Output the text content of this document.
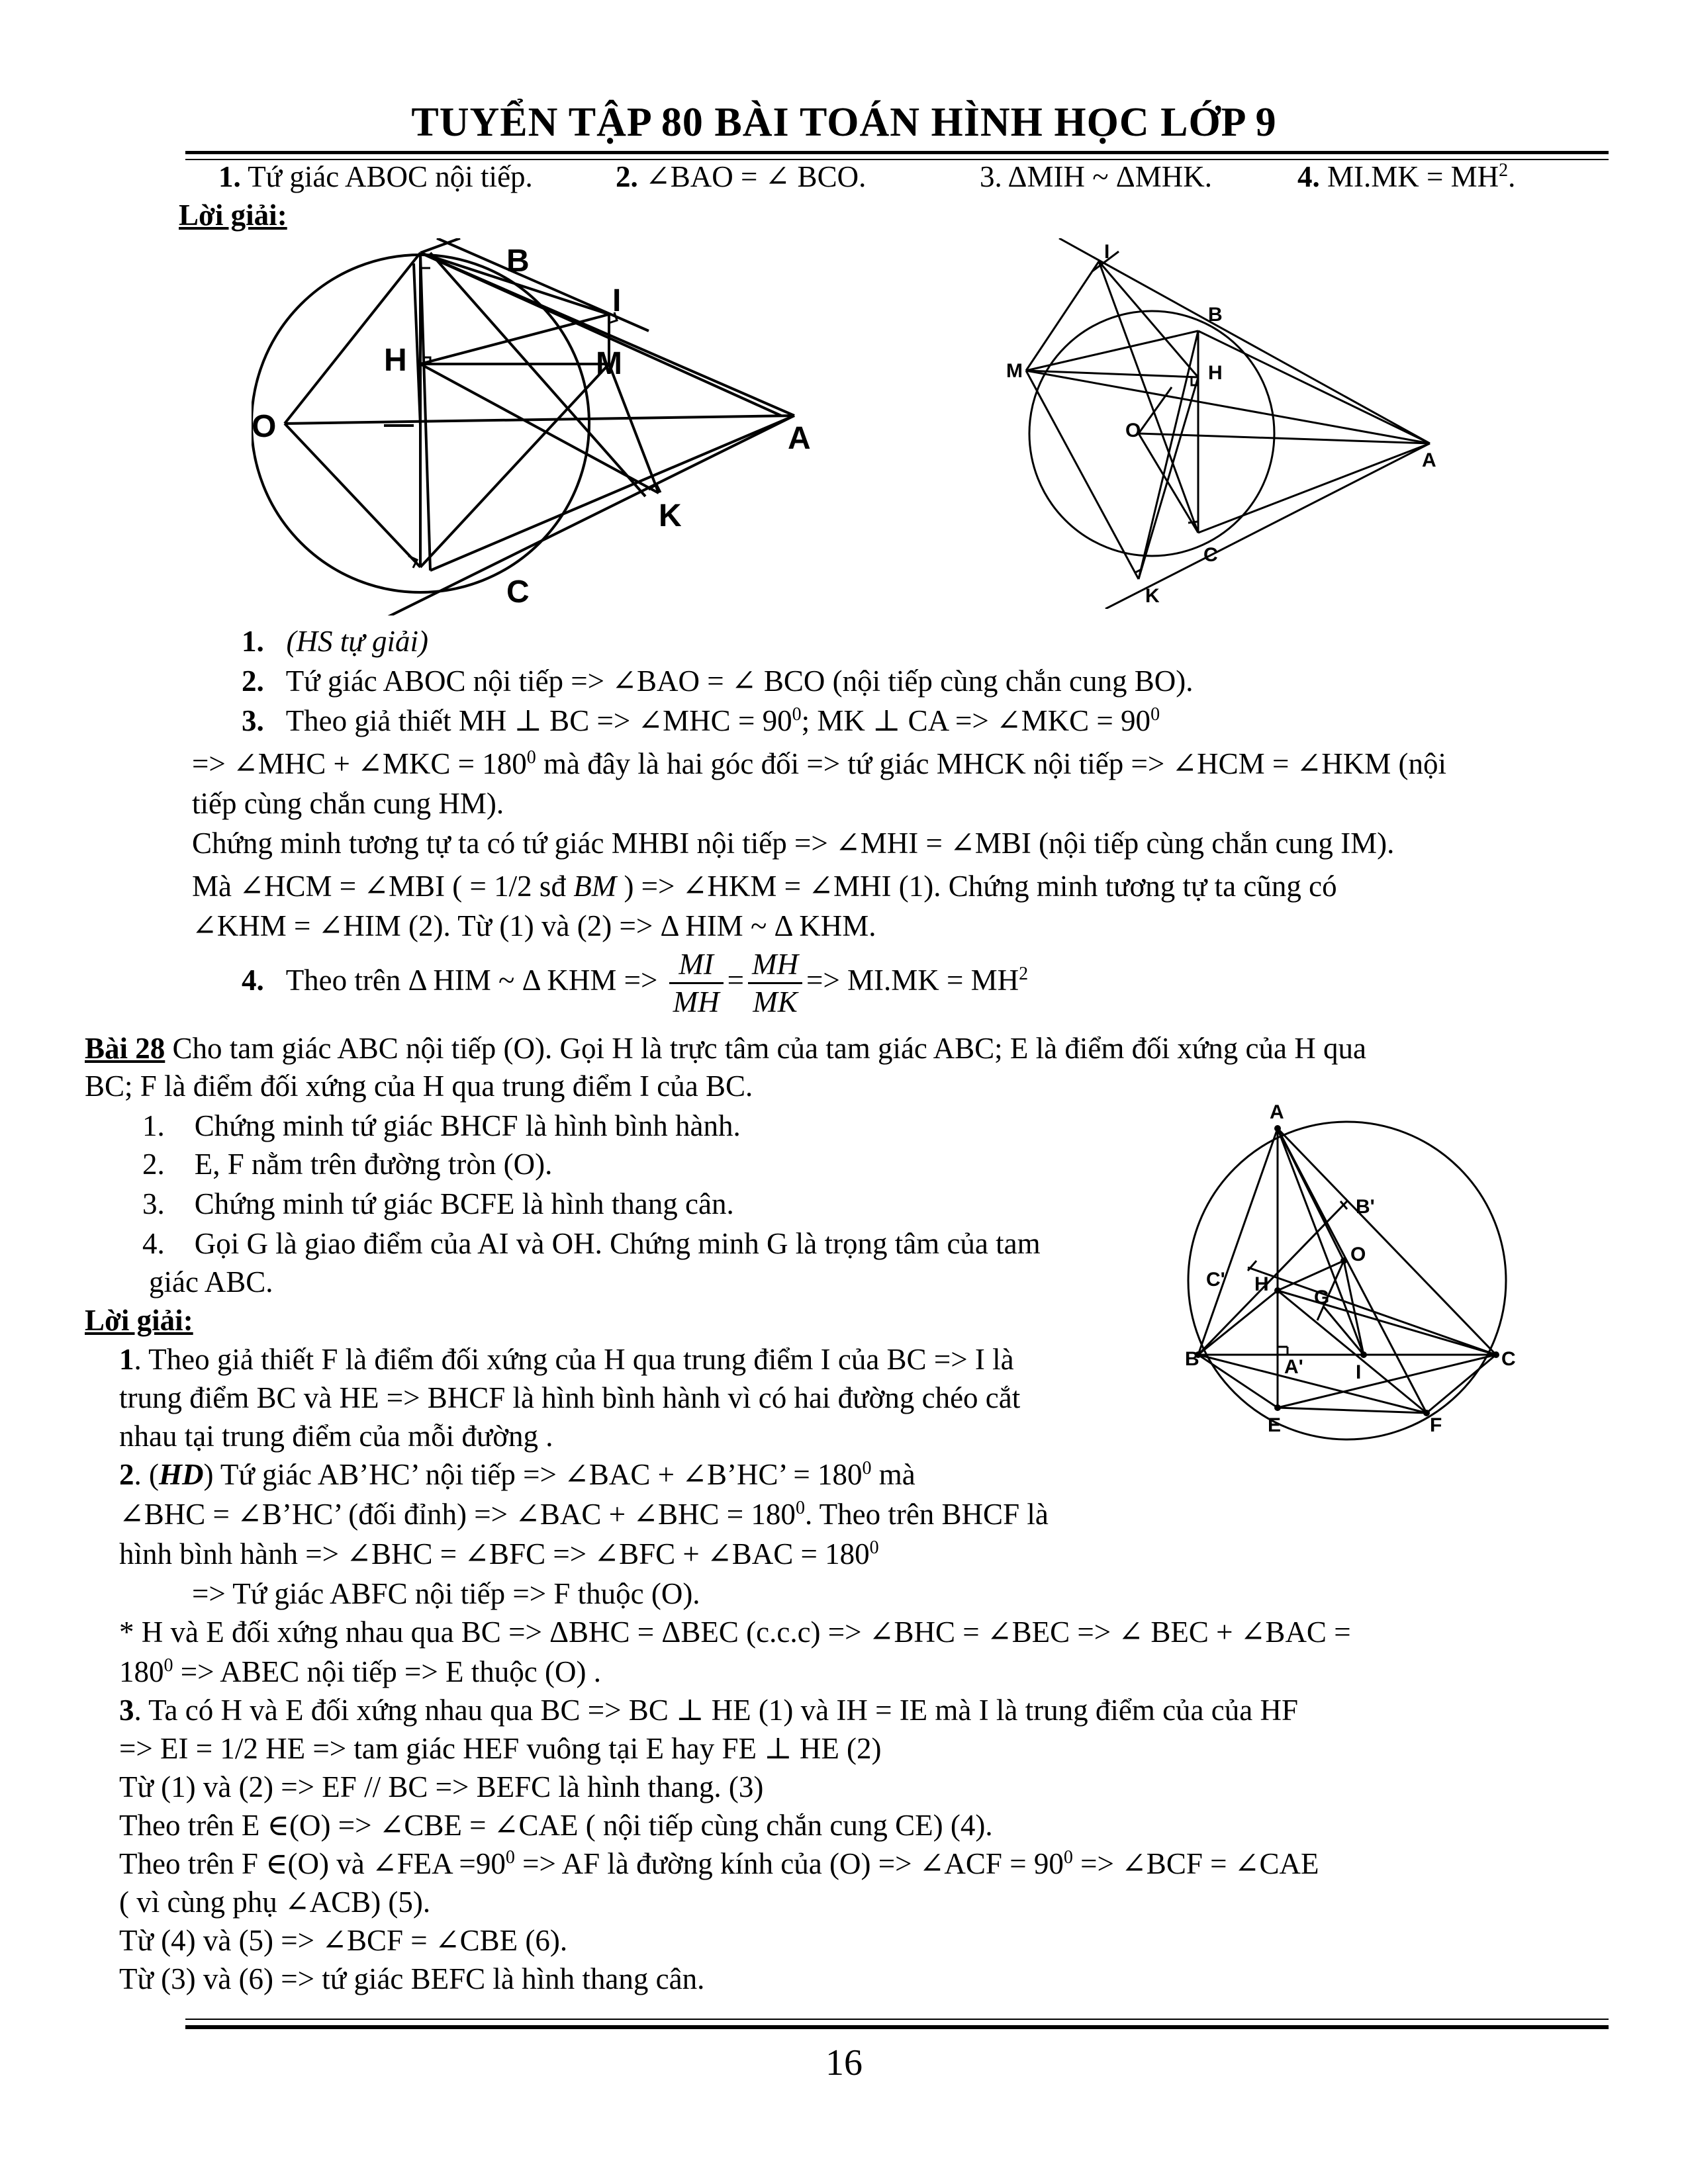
TUYỂN TẬP 80 BÀI TOÁN HÌNH HỌC LỚP 9
1. Tứ giác ABOC nội tiếp.	2. ∠BAO = ∠ BCO.	3. ΔMIH ~ ΔMHK.	4. $MI.MK = MH^2$.
Lời giải:
B
I
H	M
O	A
K
C
I
B
M	H
O
A
C
K
1. (HS tự giải)
2. Tứ giác ABOC nội tiếp => ∠BAO = ∠ BCO (nội tiếp cùng chắn cung BO).
3. Theo giả thiết MH ⊥ BC => ∠MHC = $90^0$; MK ⊥ CA => ∠MKC = $90^0$
=> ∠MHC + ∠MKC = $180^0$ mà đây là hai góc đối => tứ giác MHCK nội tiếp => ∠HCM = ∠HKM (nội
tiếp cùng chắn cung HM).
Chứng minh tương tự ta có tứ giác MHBI nội tiếp => ∠MHI = ∠MBI (nội tiếp cùng chắn cung IM).
Mà ∠HCM = ∠MBI ( = 1/2 sđ BM ) => ∠HKM = ∠MHI (1). Chứng minh tương tự ta cũng có
∠KHM = ∠HIM (2). Từ (1) và (2) => Δ HIM ~ Δ KHM.
4. Theo trên Δ HIM ~ Δ KHM => $\frac{MI}{MH} = \frac{MH}{MK} => MI.MK = MH^2$
Bài 28 Cho tam giác ABC nội tiếp (O). Gọi H là trực tâm của tam giác ABC; E là điểm đối xứng của H qua
BC; F là điểm đối xứng của H qua trung điểm I của BC.
1. Chứng minh tứ giác BHCF là hình bình hành.
2. E, F nằm trên đường tròn (O).
3. Chứng minh tứ giác BCFE là hình thang cân.
4. Gọi G là giao điểm của AI và OH. Chứng minh G là trọng tâm của tam
giác ABC.
Lời giải:
A
B'
C' H
O
G
B	A'	I
C
E	F
1. Theo giả thiết F là điểm đối xứng của H qua trung điểm I của BC => I là
trung điểm BC và HE => BHCF là hình bình hành vì có hai đường chéo cắt
nhau tại trung điểm của mỗi đường .
2. (HD) Tứ giác AB’HC’ nội tiếp => ∠BAC + ∠B’HC’ = $180^0$ mà
∠BHC = ∠B’HC’ (đối đỉnh) => ∠BAC + ∠BHC = $180^0$. Theo trên BHCF là
hình bình hành => ∠BHC = ∠BFC => ∠BFC + ∠BAC = $180^0$
=> Tứ giác ABFC nội tiếp => F thuộc (O).
* H và E đối xứng nhau qua BC => ΔBHC = ΔBEC (c.c.c) => ∠BHC = ∠BEC => ∠ BEC + ∠BAC =
$180^0$ => ABEC nội tiếp => E thuộc (O) .
3. Ta có H và E đối xứng nhau qua BC => BC ⊥ HE (1) và IH = IE mà I là trung điểm của của HF
=> EI = 1/2 HE => tam giác HEF vuông tại E hay FE ⊥ HE (2)
Từ (1) và (2) => EF // BC => BEFC là hình thang. (3)
Theo trên E ∈(O) => ∠CBE = ∠CAE ( nội tiếp cùng chắn cung CE) (4).
Theo trên F ∈(O) và ∠FEA $=90^0$ => AF là đường kính của (O) => ∠ACF = $90^0$ => ∠BCF = ∠CAE
( vì cùng phụ ∠ACB) (5).
Từ (4) và (5) => ∠BCF = ∠CBE (6).
Từ (3) và (6) => tứ giác BEFC là hình thang cân.
16
